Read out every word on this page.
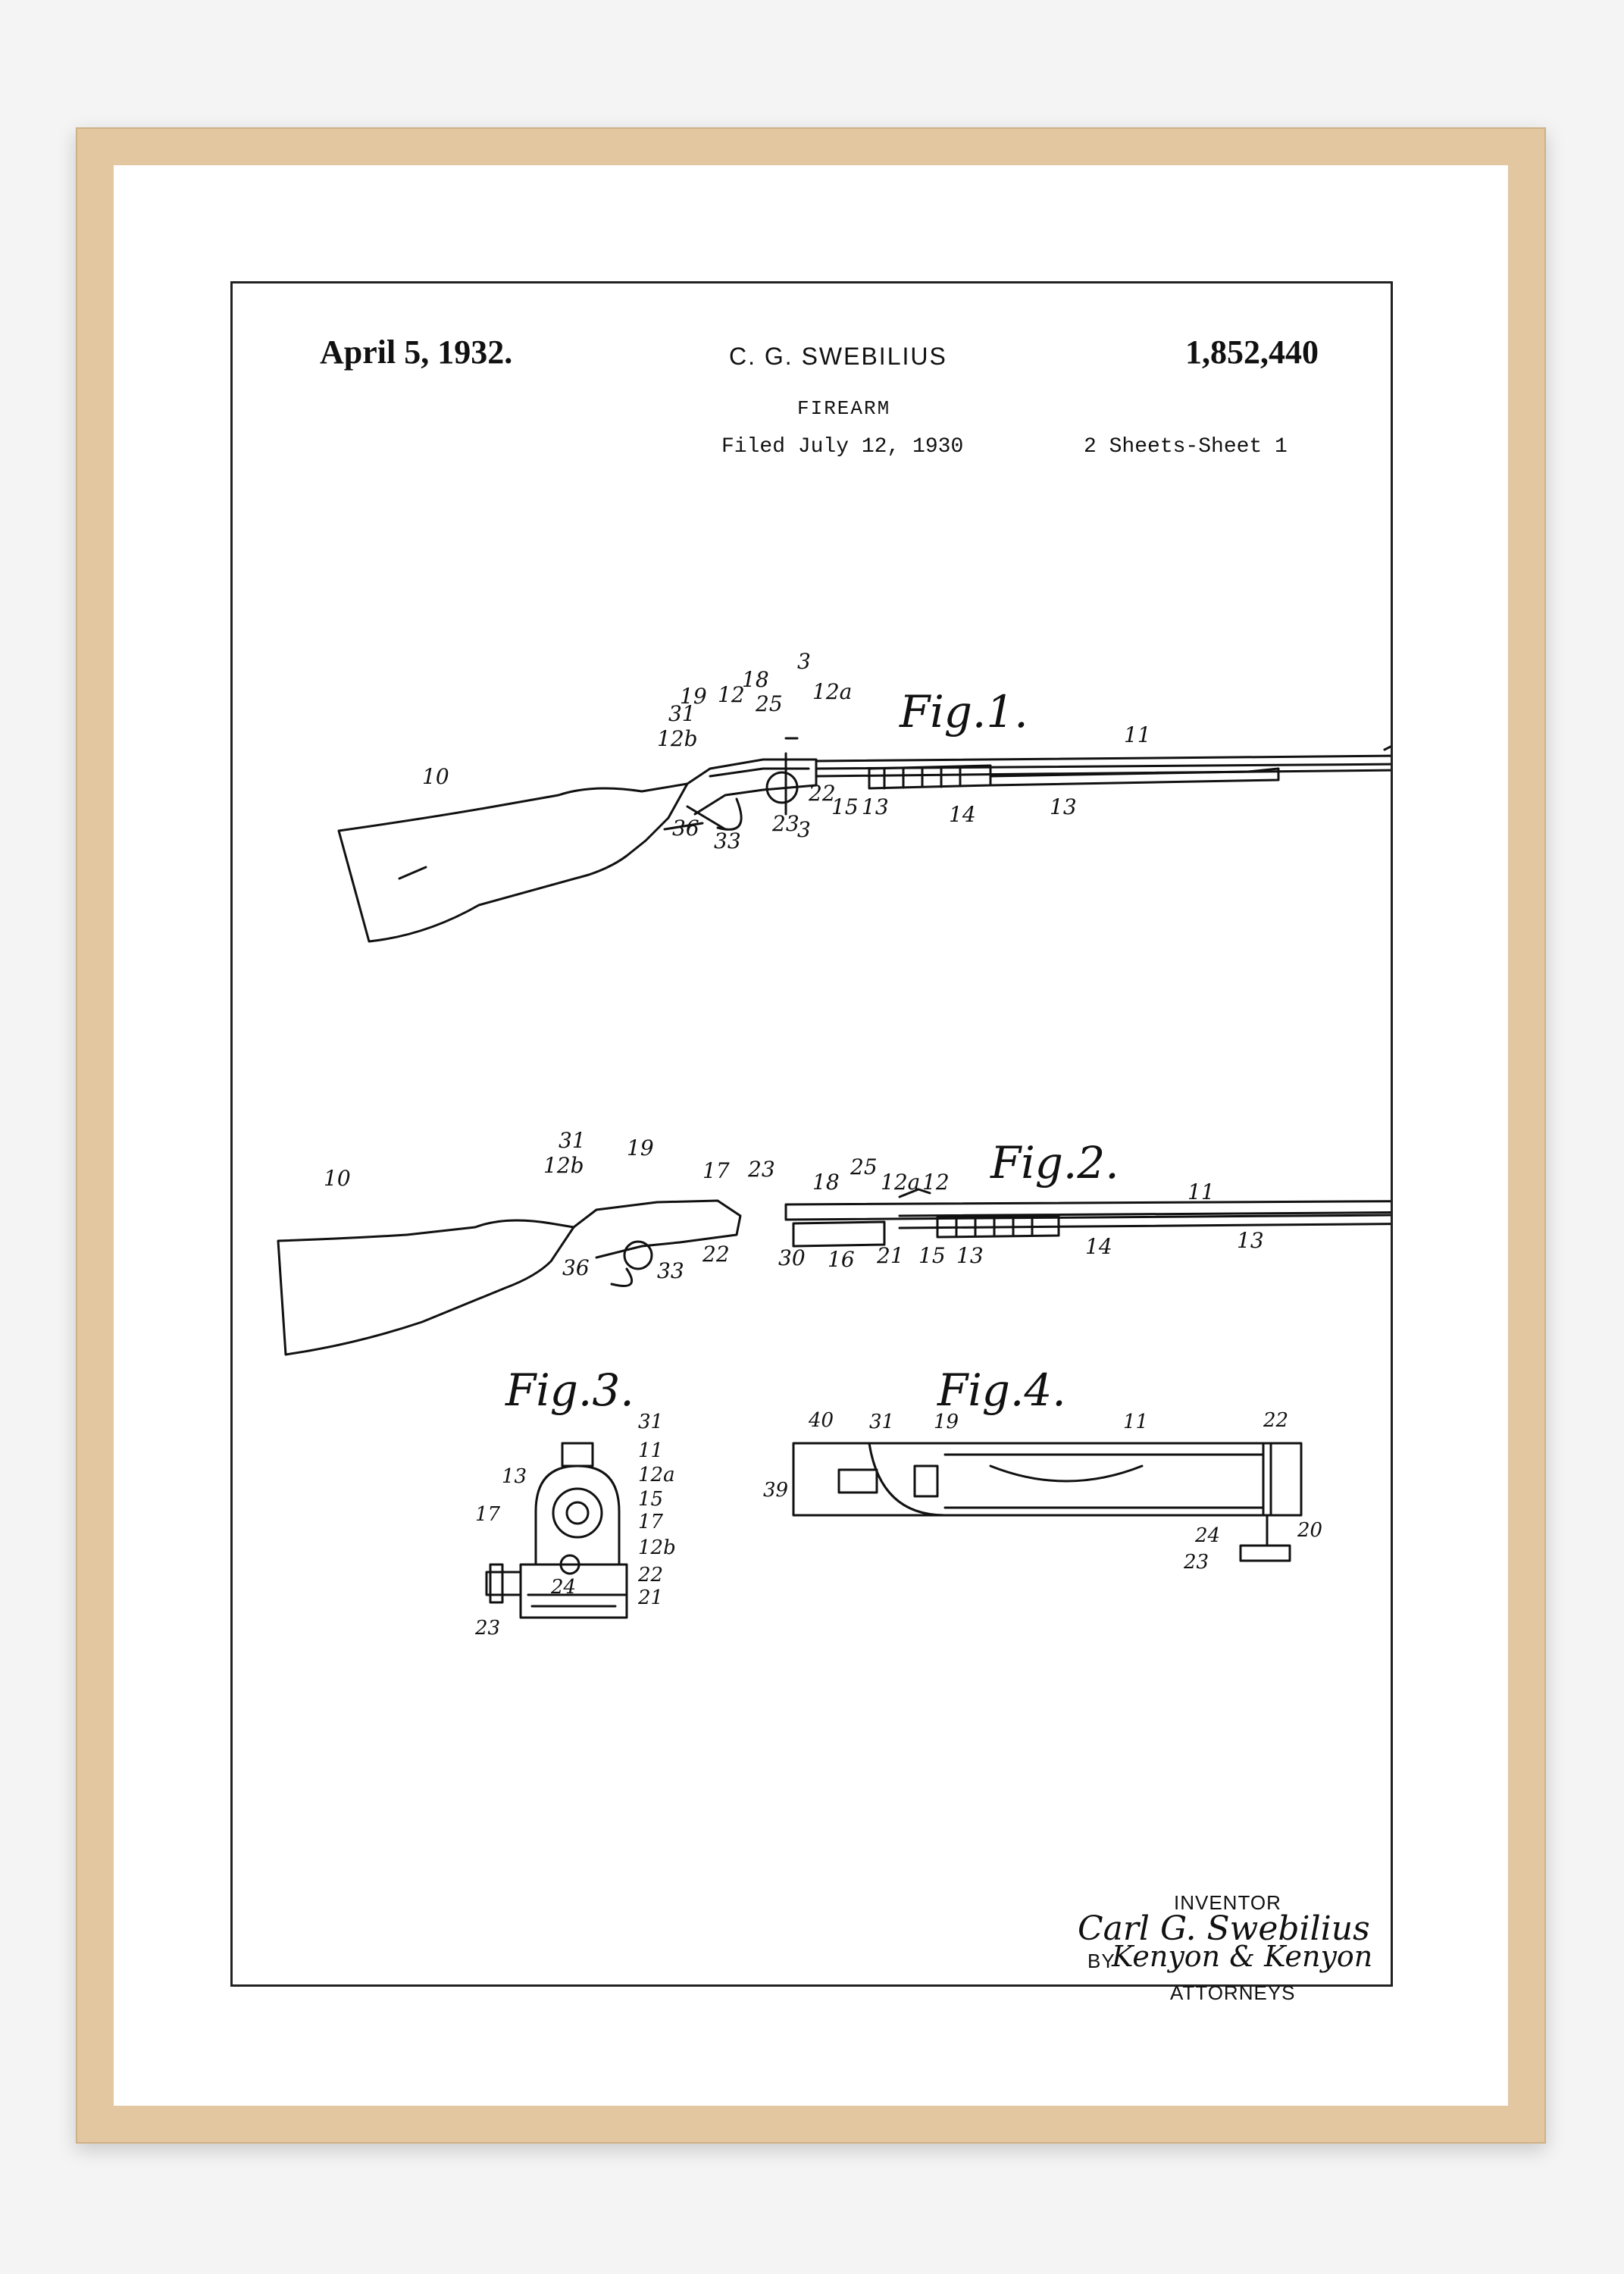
April 5, 1932.	C. G. SWEBILIUS	1,852,440
FIREARM
Filed July 12, 1930	2 Sheets-Sheet 1
10
11
12b
31
19 12
18
25 12a
3
3
22
15 13
23
36
33
14	13
Fig.1.
10
31
12b
19
17 23
22
36	33
30 16 21 15 13	14	13
11
25
18 12a 12 Fig.2.
31
11
13	12a
15
17	17
12b
24
22
21
23
Fig.3.
40 31 19	11	22
39
20
24
23
Fig.4.
INVENTOR
Carl G. Swebilius
BY
Kenyon & Kenyon
ATTORNEYS
